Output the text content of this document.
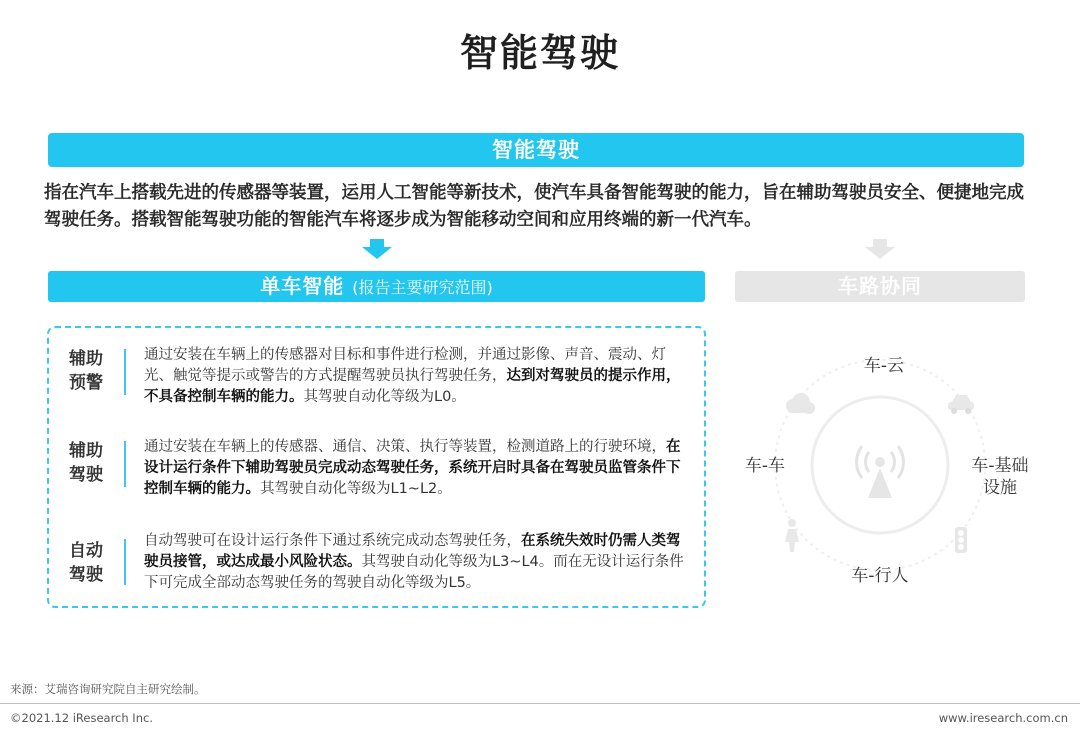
智能驾驶
智能驾驶
指在汽车上搭载先进的传感器等装置，运用人工智能等新技术，使汽车具备智能驾驶的能力，旨在辅助驾驶员安全、便捷地完成驾驶任务。搭载智能驾驶功能的智能汽车将逐步成为智能移动空间和应用终端的新一代汽车。
单车智能 (报告主要研究范围)	车路协同
辅助
预警
通过安装在车辆上的传感器对目标和事件进行检测，并通过影像、声音、震动、灯光、触觉等提示或警告的方式提醒驾驶员执行驾驶任务，达到对驾驶员的提示作用，不具备控制车辆的能力。其驾驶自动化等级为L0。
辅助
驾驶
通过安装在车辆上的传感器、通信、决策、执行等装置，检测道路上的行驶环境，在设计运行条件下辅助驾驶员完成动态驾驶任务，系统开启时具备在驾驶员监管条件下控制车辆的能力。其驾驶自动化等级为L1~L2。
自动
驾驶
自动驾驶可在设计运行条件下通过系统完成动态驾驶任务，在系统失效时仍需人类驾驶员接管，或达成最小风险状态。其驾驶自动化等级为L3~L4。而在无设计运行条件下可完成全部动态驾驶任务的驾驶自动化等级为L5。
车-云
车-车	车-基础
设施
车-行人
来源：艾瑞咨询研究院自主研究绘制。
©2021.12 iResearch Inc.	www.iresearch.com.cn
